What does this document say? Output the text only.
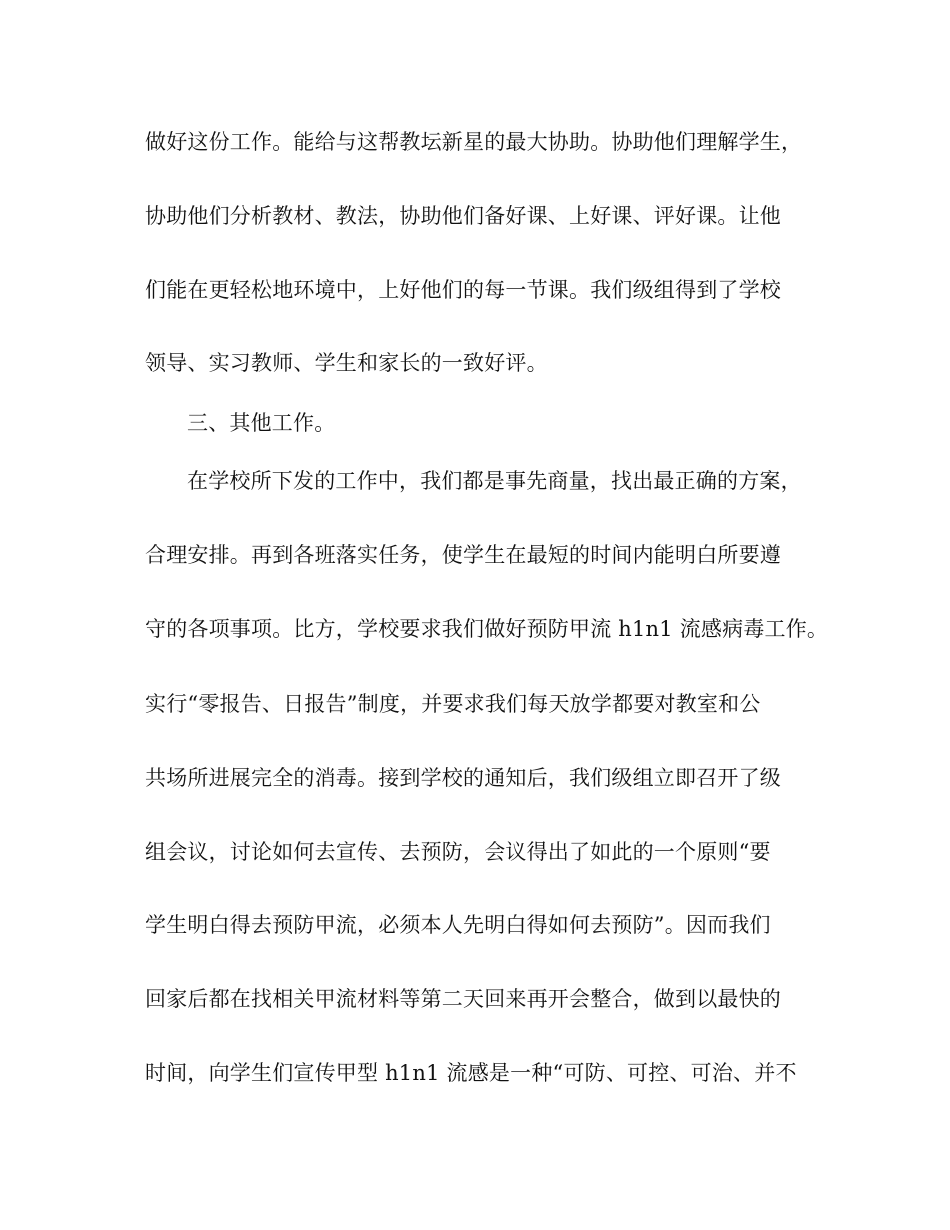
做好这份工作。能给与这帮教坛新星的最大协助。协助他们理解学生，
协助他们分析教材、教法，协助他们备好课、上好课、评好课。让他
们能在更轻松地环境中，上好他们的每一节课。我们级组得到了学校
领导、实习教师、学生和家长的一致好评。
三、其他工作。
在学校所下发的工作中，我们都是事先商量，找出最正确的方案，
合理安排。再到各班落实任务，使学生在最短的时间内能明白所要遵
守的各项事项。比方，学校要求我们做好预防甲流 h1n1 流感病毒工作。
实行“零报告、日报告”制度，并要求我们每天放学都要对教室和公
共场所进展完全的消毒。接到学校的通知后，我们级组立即召开了级
组会议，讨论如何去宣传、去预防，会议得出了如此的一个原则“要
学生明白得去预防甲流，必须本人先明白得如何去预防”。因而我们
回家后都在找相关甲流材料等第二天回来再开会整合，做到以最快的
时间，向学生们宣传甲型 h1n1 流感是一种“可防、可控、可治、并不
